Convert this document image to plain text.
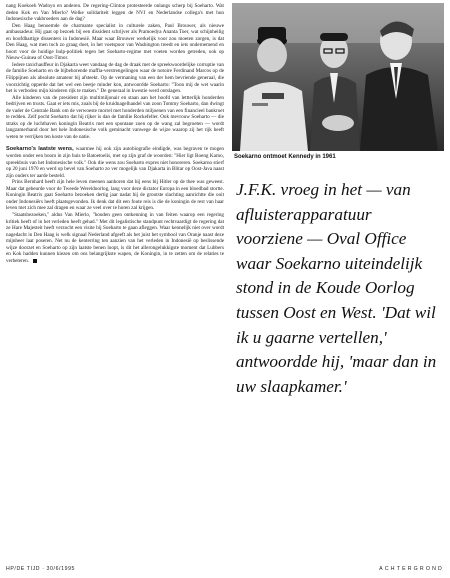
nang Koekoeh Wadoyo en anderen. De regering-Clinton protesteerde onlangs scherp bij Soeharto. Wat deden Kok en Van Mierlo? Welke solidariteit leggen de NVJ en Nederlandse collega's met hun Indonesische vakbroeders aan de dag?

Den Haag benoemde de charmante specialist in culturele zaken, Paul Brouwer, als nieuwe ambassadeur. Hij gaat op bezoek bij een dissident schrijver als Pramoedya Ananta Toer, wat schijnheilig en hoofdhartige dissenters in Indonesië. Maar waar Brouwer werkelijk voor zou moeten zorgen, is dat Den Haag, wat men toch zo graag doet, in het voetspoor van Washington treedt en iets ondernemend en hoort voor de huidige hulp-politiek tegen het Soeharto-regime met voeten worden getreden, ook op Nieuw-Guinea of Oost-Timor.

Iedere taxichauffeur in Djakarta weet vandaag de dag de draak met de spreekwoordelijke corruptie van de familie Soeharto en de bijbehorende maffia-verstrengelingen waar de notoire Ferdinand Marcos op de Filippijnen als absolute amateur bij afsteekt. Op de vermaning van een der hem bevriende generaal, die voorzichtig opperde dat het wel een beetje minder kon, antwoordde Soeharto: "Toon mij de wet waarin het is verboden mijn kinderen rijk te maken." De generaal in kwestie werd ontslagen.

Alle kinderen van de president zijn multimiljonair en staan aan het hoofd van lettterlijk honderden bedrijven en trusts. Gaat er iets mis, zoals bij de kruidnagelhandel van zoon Tommy Soeharto, dan dwingt de vader de Centrale Bank om de verwoeste morrel met honderden miljoenen van een financieel bankroet te redden. Zelf pocht Soeharto dat hij rijker is dan de familie Rockefeller. Ook mevrouw Soeharto — die straks op de luchthaven koningin Beatrix met een spontane zoen op de wang zal begroeten — wordt langzamerhand door het hele Indonesische volk geminacht vanwege de wijze waarop zij het rijk heeft weten te verrijken ten koste van de natie.

Soekarno's laatste wens, waarmee hij ook zijn autobiografie eindigde, was begraven te mogen worden onder een boom in zijn huis te Batoetoelis, met op zijn graf de woorden: "Hier ligt Boeng Karno, spreekbuis van het Indonesische volk." Ook die wens zou Soeharto expres niet honoreren. Soekarno stierf op 20 juni 1970 en werd op bevel van Soeharto zo ver mogelijk van Djakarta in Blitar op Oost-Java naast zijn ouders ter aarde besteld.

Prins Bernhard heeft zijn hele leven meenen aanhoren dat hij eens bij Hitler op de thee was geweest. Maar dat gebeurde voor de Tweede Wereldoorlog, lang voor deze dictator Europa in een bloedbad stortte. Koningin Beatrix gaat Soeharto bezoeken dertig jaar nadat hij de grootste slachting aanrichtte die ooit onder Indonesiërs heeft plaatsgevonden. Ik denk dat dit een foute reis is die de koningin de rest van haar leven met zich mee zal dragen en waar ze veel over te horen zal krijgen.

"Staatsbezoeken," aldus Van Mierlo, "houden geen ontkenning in van feiten waarop een regering kritiek heeft of in het verleden heeft gehad." Met dit legalistische standpunt rechtvaardigt de regering dat ze Hare Majesteit heeft verzocht een visite bij Soeharto te gaan afleggen. Waar kennelijk niet over wordt nagedacht in Den Haag is welk signaal Nederland afgeeft als het juist het symbool van Oranje naast deze mijnheer laat poseren. Net nu de kenterring ten aanzien van het verleden in Indonesië op beslissende wijze doorzet en Soeharto op zijn laatste benen loopt, is dit het allerongelukkigste moment dat Lubbers en Kok hadden kunnen kiezen om ons belangrijkste wapen, de Koningin, in te zetten om de relaties te verbeteren.

Soekarno ontmoet Kennedy in 1961
J.F.K. vroeg in het — van afluisterapparatuur voorziene — Oval Office waar Soekarno uiteindelijk stond in de Koude Oorlog tussen Oost en West. 'Dat wil ik u gaarne vertellen,' antwoordde hij, 'maar dan in uw slaapkamer.'
HP/DE TIJD · 30/6/1995	ACHTERGROND
